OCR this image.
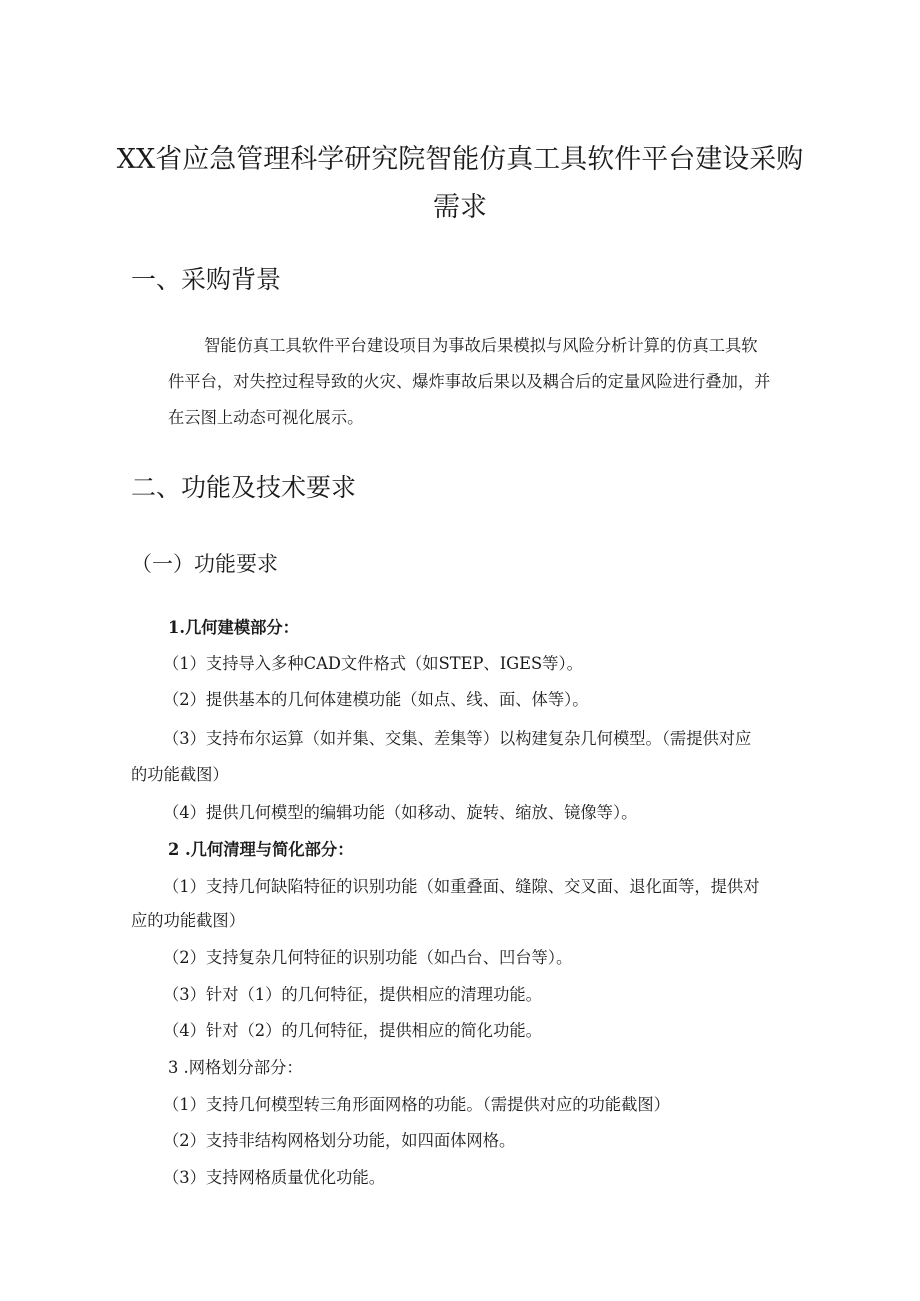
XX省应急管理科学研究院智能仿真工具软件平台建设采购
需求
一、采购背景
智能仿真工具软件平台建设项目为事故后果模拟与风险分析计算的仿真工具软
件平台，对失控过程导致的火灾、爆炸事故后果以及耦合后的定量风险进行叠加，并
在云图上动态可视化展示。
二、功能及技术要求
（一）功能要求
1.几何建模部分：
（1）支持导入多种CAD文件格式（如STEP、IGES等）。
（2）提供基本的几何体建模功能（如点、线、面、体等）。
（3）支持布尔运算（如并集、交集、差集等）以构建复杂几何模型。（需提供对应
的功能截图）
（4）提供几何模型的编辑功能（如移动、旋转、缩放、镜像等）。
2 .几何清理与简化部分：
（1）支持几何缺陷特征的识别功能（如重叠面、缝隙、交叉面、退化面等，提供对
应的功能截图）
（2）支持复杂几何特征的识别功能（如凸台、凹台等）。
（3）针对（1）的几何特征，提供相应的清理功能。
（4）针对（2）的几何特征，提供相应的简化功能。
3 .网格划分部分：
（1）支持几何模型转三角形面网格的功能。（需提供对应的功能截图）
（2）支持非结构网格划分功能，如四面体网格。
（3）支持网格质量优化功能。
